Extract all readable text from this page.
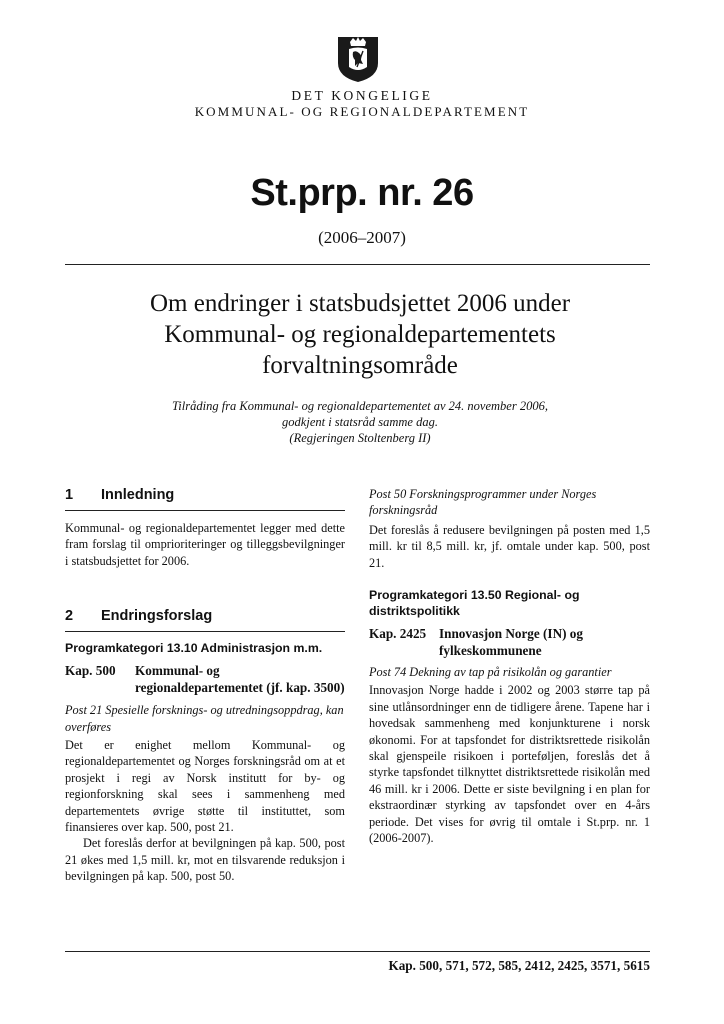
DET KONGELIGE
KOMMUNAL- OG REGIONALDEPARTEMENT
St.prp. nr. 26
(2006–2007)
Om endringer i statsbudsjettet 2006 under Kommunal- og regionaldepartementets forvaltningsområde
Tilråding fra Kommunal- og regionaldepartementet av 24. november 2006,
godkjent i statsråd samme dag.
(Regjeringen Stoltenberg II)
1 Innledning

Kommunal- og regionaldepartementet legger med dette fram forslag til omprioriteringer og tilleggsbevilgninger i statsbudsjettet for 2006.

2 Endringsforslag

Programkategori 13.10 Administrasjon m.m.

Kap. 500 Kommunal- og regionaldepartementet (jf. kap. 3500)

Post 21 Spesielle forsknings- og utredningsoppdrag, kan overføres

Det er enighet mellom Kommunal- og regionaldepartementet og Norges forskningsråd om at et prosjekt i regi av Norsk institutt for by- og regionforskning skal sees i sammenheng med departementets øvrige støtte til instituttet, som finansieres over kap. 500, post 21.

Det foreslås derfor at bevilgningen på kap. 500, post 21 økes med 1,5 mill. kr, mot en tilsvarende reduksjon i bevilgningen på kap. 500, post 50.

Post 50 Forskningsprogrammer under Norges forskningsråd

Det foreslås å redusere bevilgningen på posten med 1,5 mill. kr til 8,5 mill. kr, jf. omtale under kap. 500, post 21.

Programkategori 13.50 Regional- og distriktspolitikk

Kap. 2425 Innovasjon Norge (IN) og fylkeskommunene

Post 74 Dekning av tap på risikolån og garantier

Innovasjon Norge hadde i 2002 og 2003 større tap på sine utlånsordninger enn de tidligere årene. Tapene har i hovedsak sammenheng med konjunkturene i norsk økonomi. For at tapsfondet for distriktsrettede risikolån skal gjenspeile risikoen i porteføljen, foreslås det å styrke tapsfondet tilknyttet distriktsrettede risikolån med 46 mill. kr i 2006. Dette er siste bevilgning i en plan for ekstraordinær styrking av tapsfondet over en 4-års periode. Det vises for øvrig til omtale i St.prp. nr. 1 (2006-2007).

Kap. 500, 571, 572, 585, 2412, 2425, 3571, 5615
